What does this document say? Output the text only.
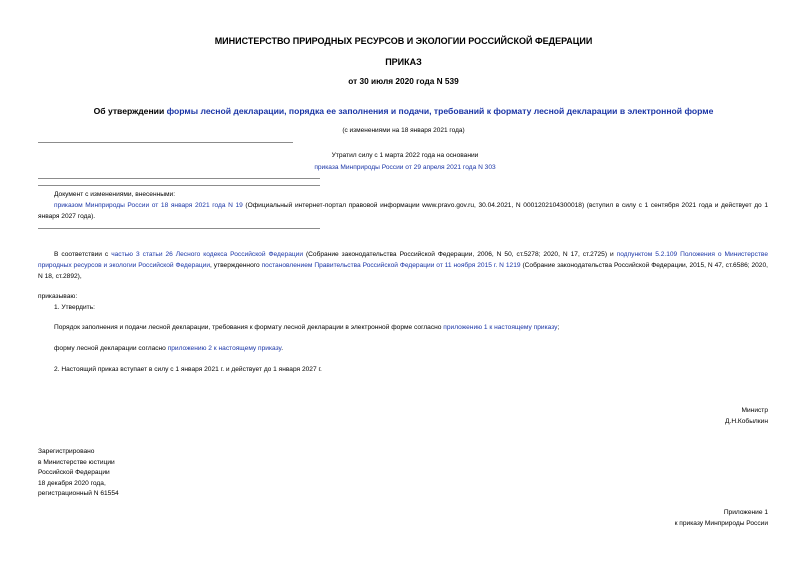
МИНИСТЕРСТВО ПРИРОДНЫХ РЕСУРСОВ И ЭКОЛОГИИ РОССИЙСКОЙ ФЕДЕРАЦИИ
ПРИКАЗ
от 30 июля 2020 года N 539
Об утверждении формы лесной декларации, порядка ее заполнения и подачи, требований к формату лесной декларации в электронной форме
(с изменениями на 18 января 2021 года)
Утратил силу с 1 марта 2022 года на основании
приказа Минприроды России от 29 апреля 2021 года N 303
Документ с изменениями, внесенными:
приказом Минприроды России от 18 января 2021 года N 19 (Официальный интернет-портал правовой информации www.pravo.gov.ru, 30.04.2021, N 0001202104300018) (вступил в силу с 1 сентября 2021 года и действует до 1 января 2027 года).
В соответствии с частью 3 статьи 26 Лесного кодекса Российской Федерации (Собрание законодательства Российской Федерации, 2006, N 50, ст.5278; 2020, N 17, ст.2725) и подпунктом 5.2.109 Положения о Министерстве природных ресурсов и экологии Российской Федерации, утвержденного постановлением Правительства Российской Федерации от 11 ноября 2015 г. N 1219 (Собрание законодательства Российской Федерации, 2015, N 47, ст.6586; 2020, N 18, ст.2892),
приказываю:
1. Утвердить:
Порядок заполнения и подачи лесной декларации, требования к формату лесной декларации в электронной форме согласно приложению 1 к настоящему приказу;
форму лесной декларации согласно приложению 2 к настоящему приказу.
2. Настоящий приказ вступает в силу с 1 января 2021 г. и действует до 1 января 2027 г.
Министр
Д.Н.Кобылкин
Зарегистрировано
в Министерстве юстиции
Российской Федерации
18 декабря 2020 года,
регистрационный N 61554
Приложение 1
к приказу Минприроды России
